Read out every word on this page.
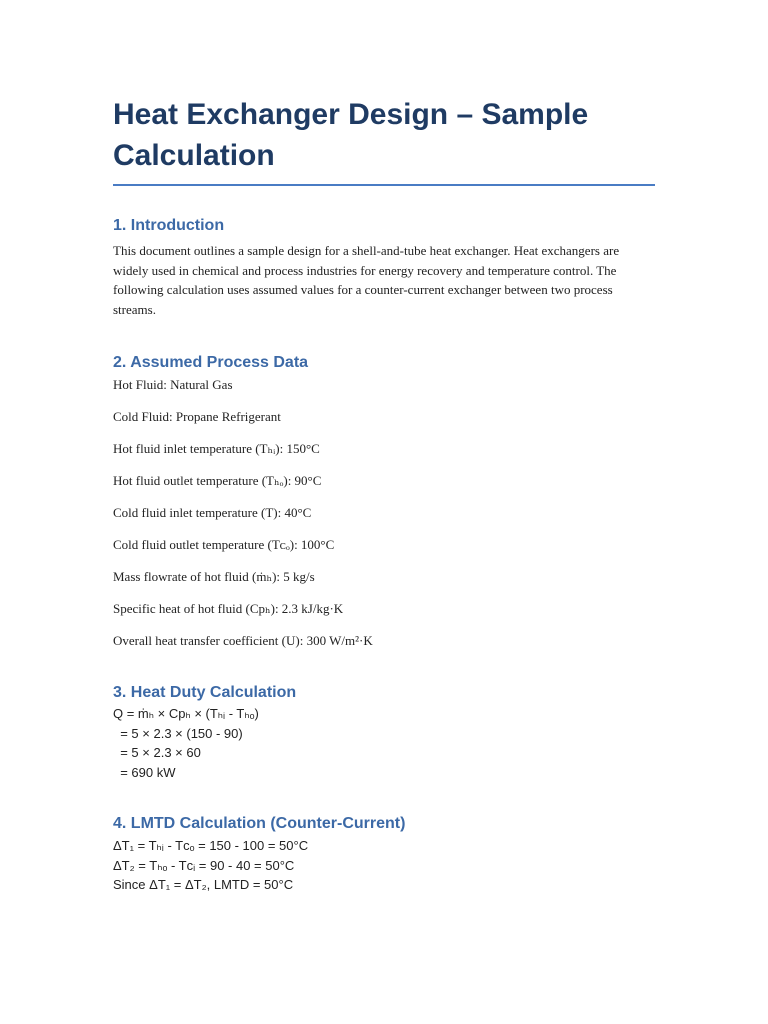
Heat Exchanger Design – Sample Calculation
1. Introduction

This document outlines a sample design for a shell-and-tube heat exchanger. Heat exchangers are widely used in chemical and process industries for energy recovery and temperature control. The following calculation uses assumed values for a counter-current exchanger between two process streams.

2. Assumed Process Data

Hot Fluid: Natural Gas

Cold Fluid: Propane Refrigerant

Hot fluid inlet temperature (Tₕᵢ): 150°C

Hot fluid outlet temperature (Tₕₒ): 90°C

Cold fluid inlet temperature (T): 40°C

Cold fluid outlet temperature (Tᴄₒ): 100°C

Mass flowrate of hot fluid (ṁₕ): 5 kg/s

Specific heat of hot fluid (Cpₕ): 2.3 kJ/kg·K

Overall heat transfer coefficient (U): 300 W/m²·K

3. Heat Duty Calculation

Q = ṁₕ × Cpₕ × (Tₕᵢ - Tₕₒ)

= 5 × 2.3 × (150 - 90)

= 5 × 2.3 × 60

= 690 kW

4. LMTD Calculation (Counter-Current)

ΔT₁ = Tₕᵢ - Tᴄₒ = 150 - 100 = 50°C

ΔT₂ = Tₕₒ - Tᴄᵢ = 90 - 40 = 50°C

Since ΔT₁ = ΔT₂, LMTD = 50°C
